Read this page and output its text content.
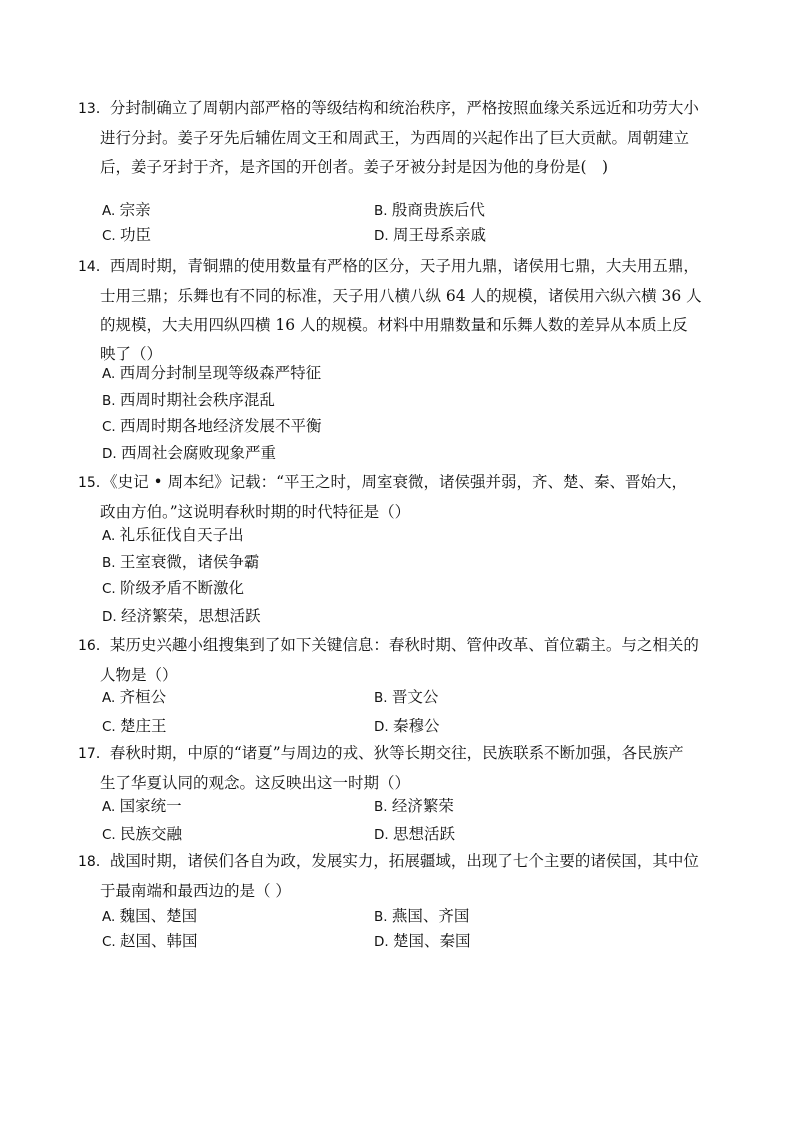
13．分封制确立了周朝内部严格的等级结构和统治秩序，严格按照血缘关系远近和功劳大小
进行分封。姜子牙先后辅佐周文王和周武王，为西周的兴起作出了巨大贡献。周朝建立
后，姜子牙封于齐，是齐国的开创者。姜子牙被分封是因为他的身份是(　)
A. 宗亲	B. 殷商贵族后代
C. 功臣	D. 周王母系亲戚
14．西周时期，青铜鼎的使用数量有严格的区分，天子用九鼎，诸侯用七鼎，大夫用五鼎，
士用三鼎；乐舞也有不同的标准，天子用八横八纵 64 人的规模，诸侯用六纵六横 36 人
的规模，大夫用四纵四横 16 人的规模。材料中用鼎数量和乐舞人数的差异从本质上反
映了（）
A. 西周分封制呈现等级森严特征
B. 西周时期社会秩序混乱
C. 西周时期各地经济发展不平衡
D. 西周社会腐败现象严重
15．《史记 • 周本纪》记载：“平王之时，周室衰微，诸侯强并弱，齐、楚、秦、晋始大，
政由方伯。”这说明春秋时期的时代特征是（）
A. 礼乐征伐自天子出
B. 王室衰微，诸侯争霸
C. 阶级矛盾不断激化
D. 经济繁荣，思想活跃
16．某历史兴趣小组搜集到了如下关键信息：春秋时期、管仲改革、首位霸主。与之相关的
人物是（）
A. 齐桓公	B. 晋文公
C. 楚庄王	D. 秦穆公
17．春秋时期，中原的“诸夏”与周边的戎、狄等长期交往，民族联系不断加强，各民族产
生了华夏认同的观念。这反映出这一时期（）
A. 国家统一	B. 经济繁荣
C. 民族交融	D. 思想活跃
18．战国时期，诸侯们各自为政，发展实力，拓展疆域，出现了七个主要的诸侯国，其中位
于最南端和最西边的是（ ）
A. 魏国、楚国	B. 燕国、齐国
C. 赵国、韩国	D. 楚国、秦国
